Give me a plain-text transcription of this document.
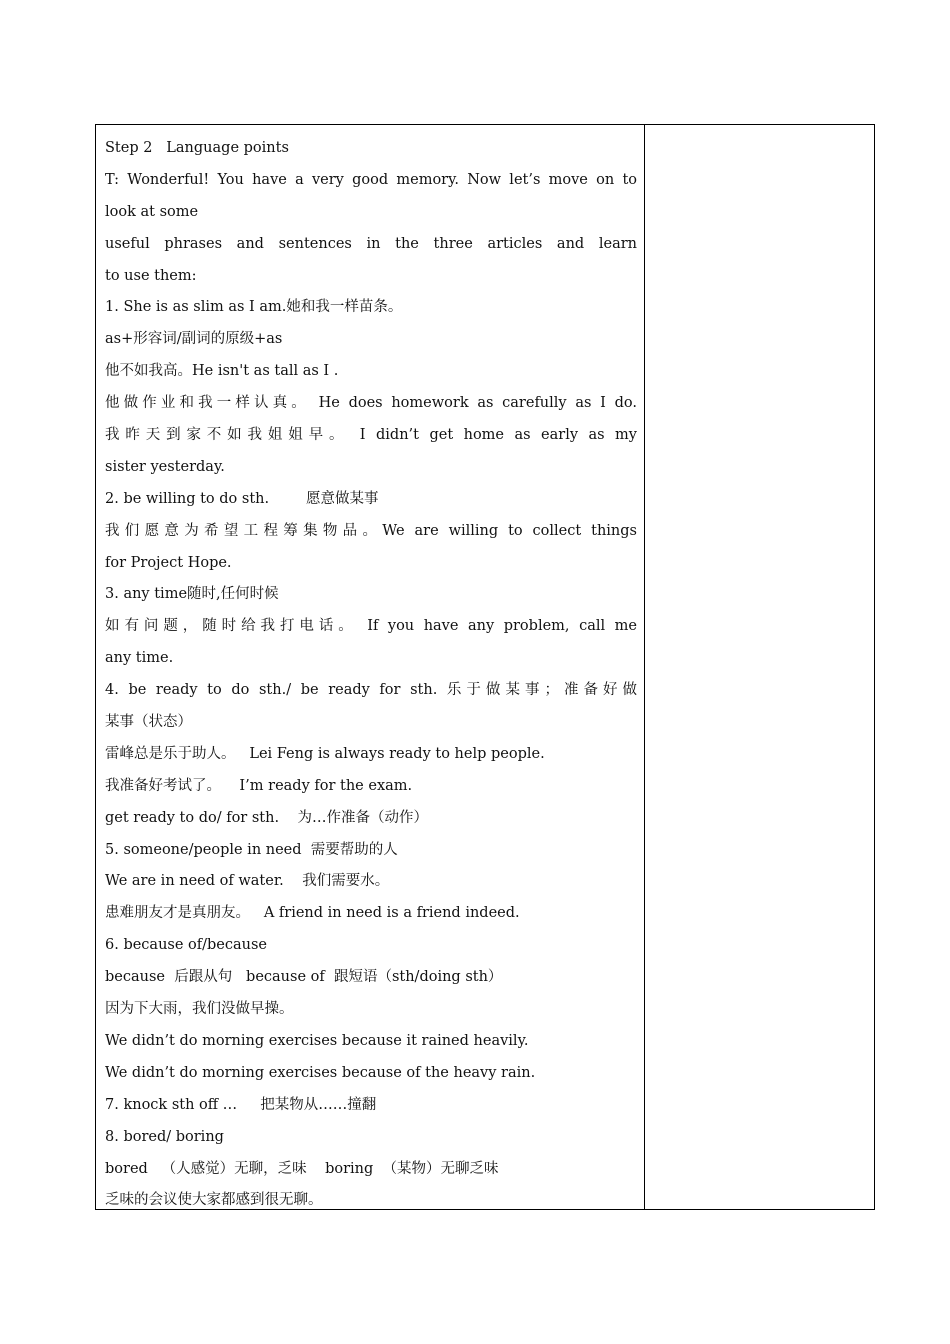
Step 2   Language points
T: Wonderful! You have a very good memory. Now let’s move on to
look at some
useful phrases and sentences in the three articles and learn
to use them:
1. She is as slim as I am.她和我一样苗条。
as+形容词/副词的原级+as
他不如我高。He isn't as tall as I .
他做作业和我一样认真。 He does homework as carefully as I do.
我昨天到家不如我姐姐早。 I didn’t get home as early as my
sister yesterday.
2. be willing to do sth.        愿意做某事
我们愿意为希望工程筹集物品。We are willing to collect things
for Project Hope.
3. any time随时,任何时候
如有问题，随时给我打电话。 If you have any problem, call me
any time.
4. be ready to do sth./ be ready for sth. 乐于做某事；准备好做
某事（状态）
雷峰总是乐于助人。   Lei Feng is always ready to help people.
我准备好考试了。    I’m ready for the exam.
get ready to do/ for sth.    为…作准备（动作）
5. someone/people in need  需要帮助的人
We are in need of water.    我们需要水。
患难朋友才是真朋友。   A friend in need is a friend indeed.
6. because of/because
because  后跟从句   because of  跟短语（sth/doing sth）
因为下大雨，我们没做早操。
We didn’t do morning exercises because it rained heavily.
We didn’t do morning exercises because of the heavy rain.
7. knock sth off …     把某物从……撞翻
8. bored/ boring
bored   （人感觉）无聊，乏味    boring  （某物）无聊乏味
乏味的会议使大家都感到很无聊。
